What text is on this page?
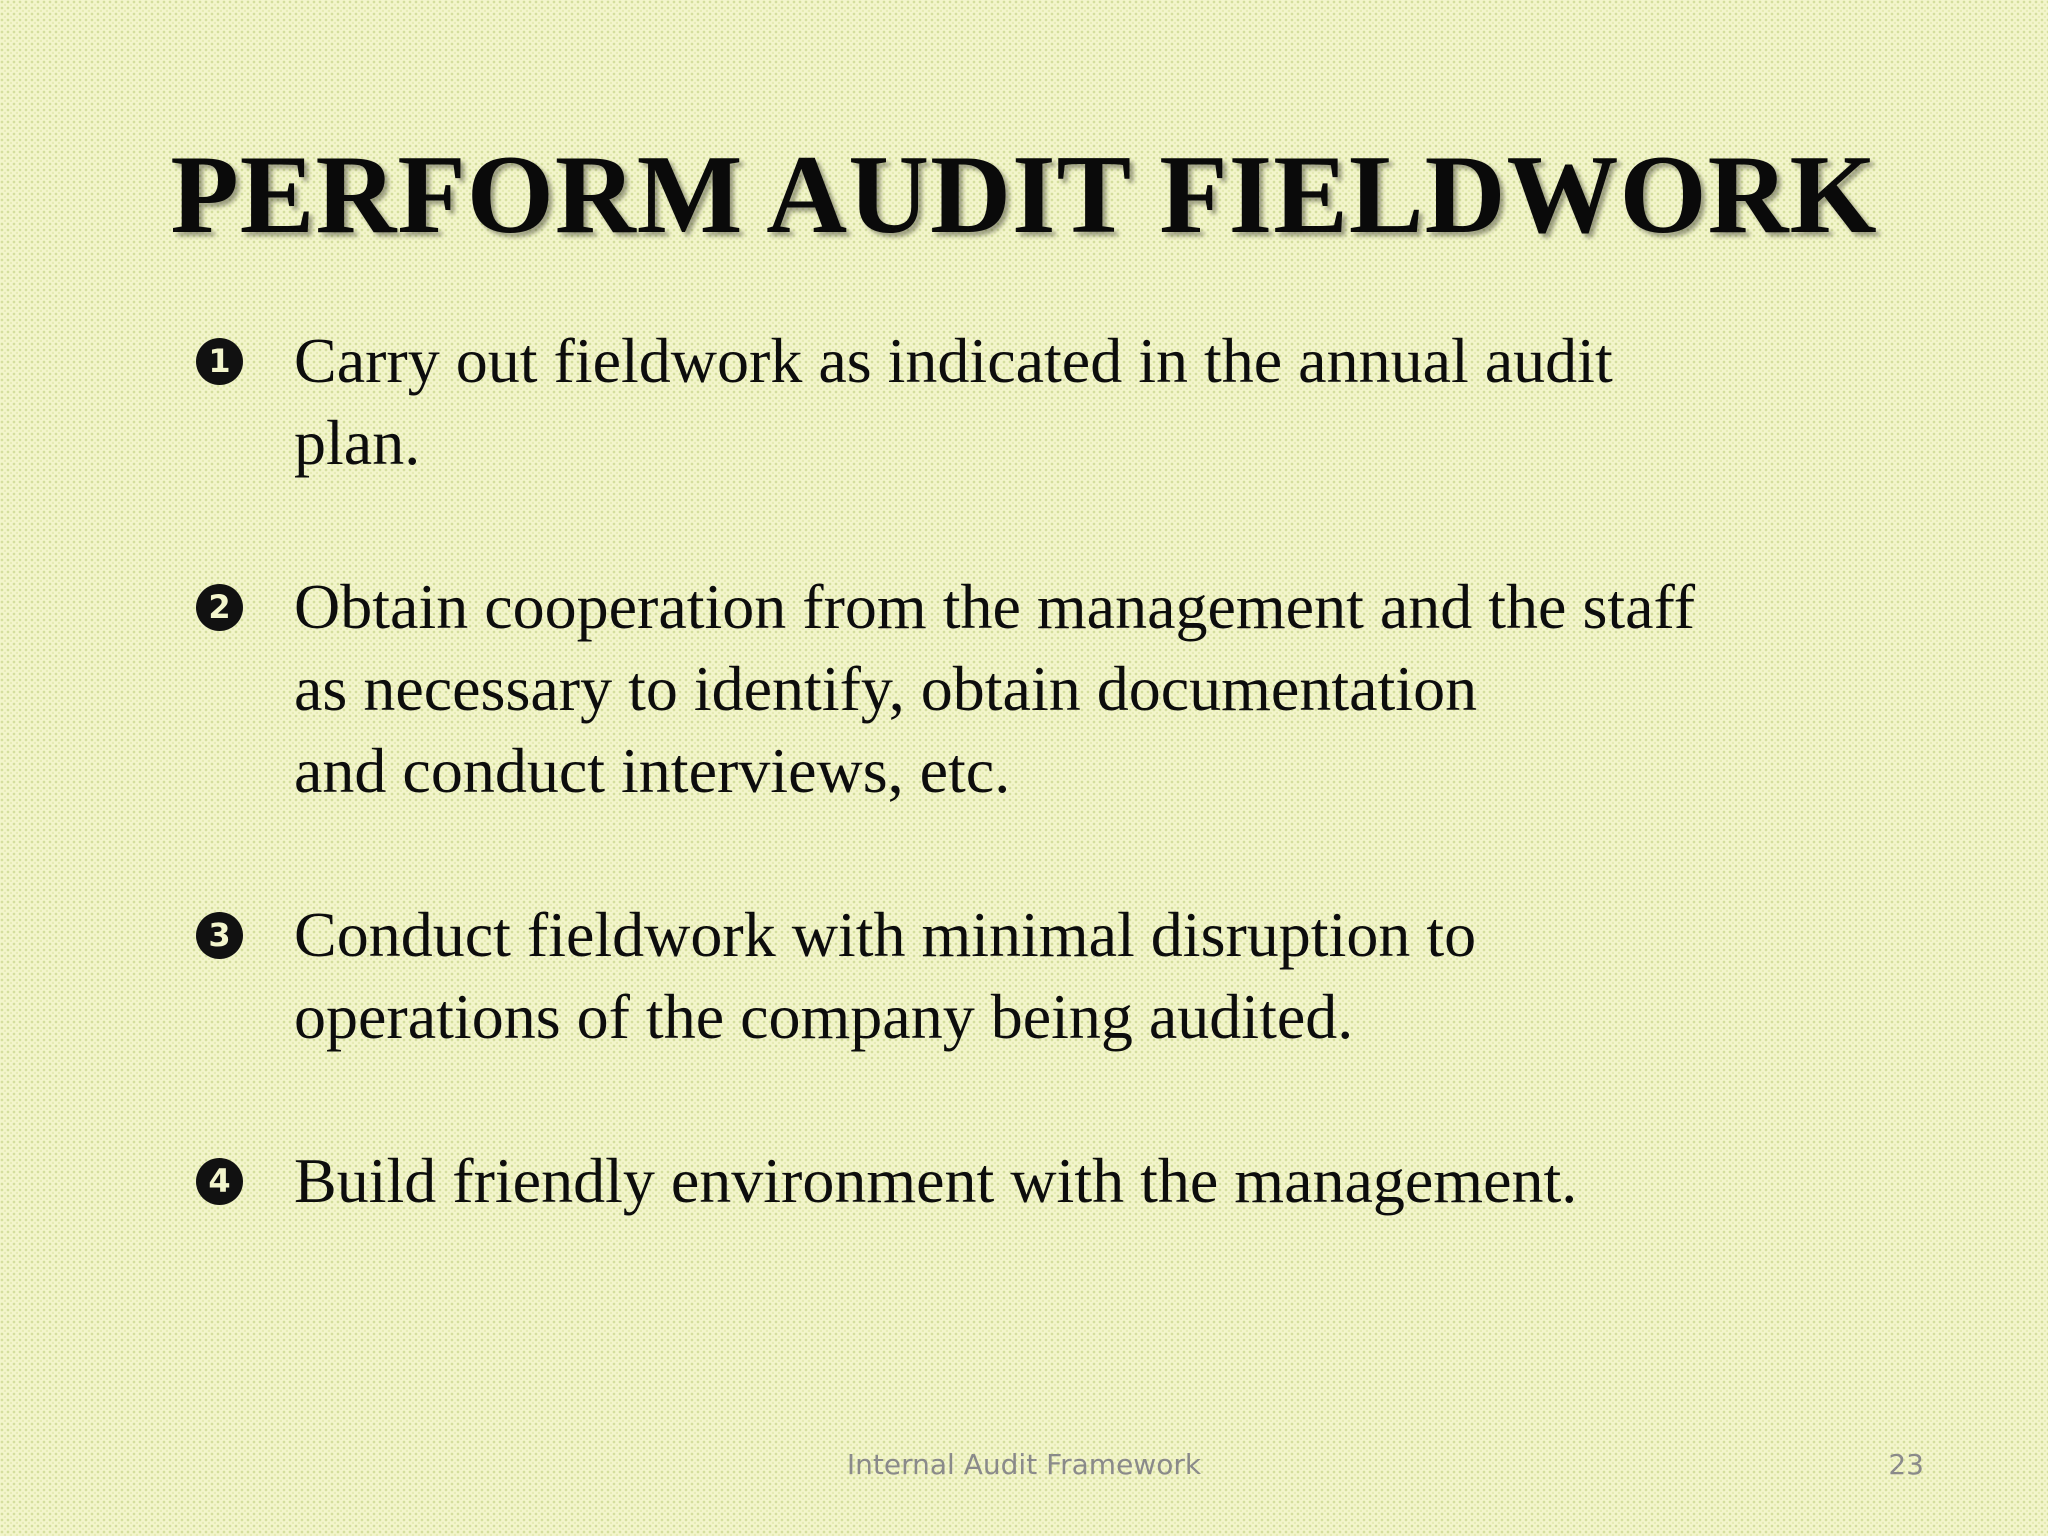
PERFORM AUDIT FIELDWORK
1 Carry out fieldwork as indicated in the annual audit
plan.
2 Obtain cooperation from the management and the staff
as necessary to identify, obtain documentation
and conduct interviews, etc.
3 Conduct fieldwork with minimal disruption to
operations of the company being audited.
4 Build friendly environment with the management.
Internal Audit Framework	23
